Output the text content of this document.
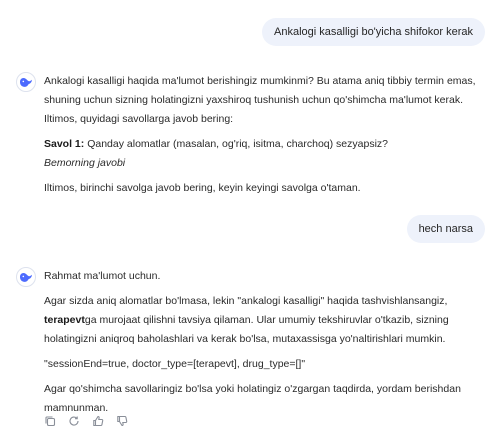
Ankalogi kasalligi bo'yicha shifokor kerak

Ankalogi kasalligi haqida ma'lumot berishingiz mumkinmi? Bu atama aniq tibbiy termin emas, shuning uchun sizning holatingizni yaxshiroq tushunish uchun qo'shimcha ma'lumot kerak. Iltimos, quyidagi savollarga javob bering:

Savol 1: Qanday alomatlar (masalan, og'riq, isitma, charchoq) sezyapsiz?

Bemorning javobi

Iltimos, birinchi savolga javob bering, keyin keyingi savolga o'taman.

hech narsa

Rahmat ma'lumot uchun.

Agar sizda aniq alomatlar bo'lmasa, lekin "ankalogi kasalligi" haqida tashvishlansangiz, terapevtga murojaat qilishni tavsiya qilaman. Ular umumiy tekshiruvlar o'tkazib, sizning holatingizni aniqroq baholashlari va kerak bo'lsa, mutaxassisga yo'naltirishlari mumkin.

"sessionEnd=true, doctor_type=[terapevt], drug_type=[]"

Agar qo'shimcha savollaringiz bo'lsa yoki holatingiz o'zgargan taqdirda, yordam berishdan mamnunman.
